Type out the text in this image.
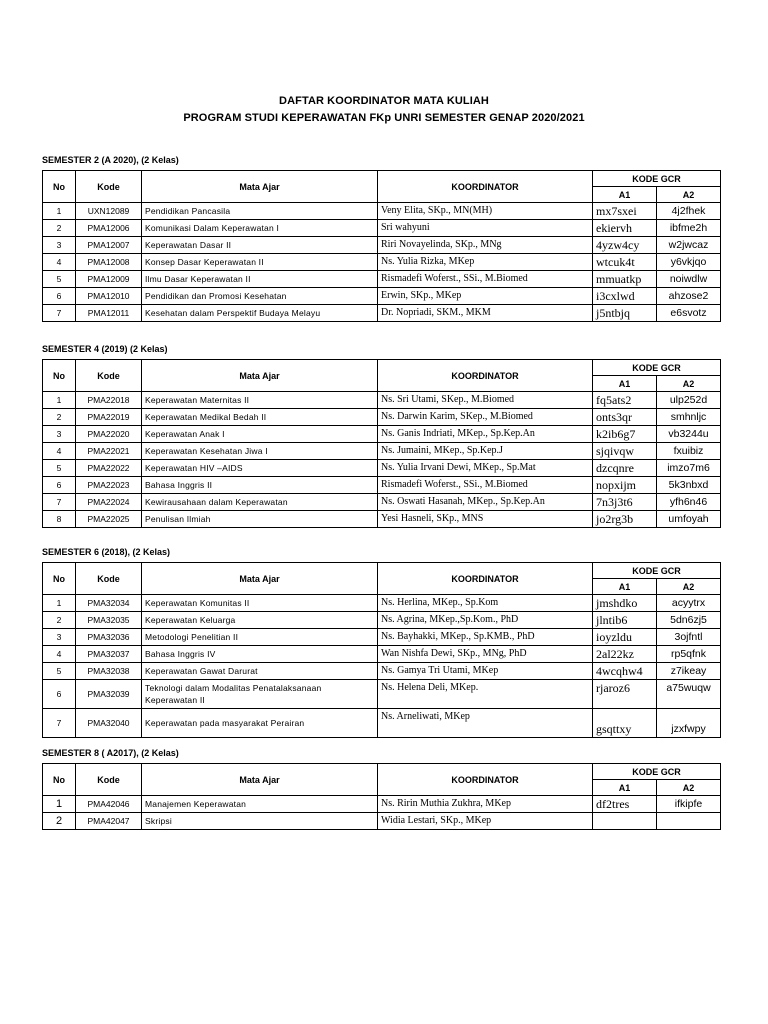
DAFTAR KOORDINATOR MATA KULIAH
PROGRAM STUDI KEPERAWATAN FKp UNRI SEMESTER GENAP 2020/2021
SEMESTER 2 (A 2020), (2 Kelas)
No	Kode	Mata Ajar	KOORDINATOR	KODE GCR	
				A1	A2
1	UXN12089	Pendidikan Pancasila	Veny Elita, SKp., MN(MH)	mx7sxei	4j2fhek
2	PMA12006	Komunikasi Dalam Keperawatan I	Sri wahyuni	ekiervh	ibfme2h
3	PMA12007	Keperawatan Dasar II	Riri Novayelinda, SKp., MNg	4yzw4cy	w2jwcaz
4	PMA12008	Konsep Dasar Keperawatan II	Ns. Yulia Rizka, MKep	wtcuk4t	y6vkjqo
5	PMA12009	Ilmu Dasar Keperawatan II	Rismadefi Woferst., SSi., M.Biomed	mmuatkp	noiwdlw
6	PMA12010	Pendidikan dan Promosi Kesehatan	Erwin, SKp., MKep	i3cxlwd	ahzose2
7	PMA12011	Kesehatan dalam Perspektif Budaya Melayu	Dr. Nopriadi, SKM., MKM	j5ntbjq	e6svotz
SEMESTER 4 (2019) (2 Kelas)
No	Kode	Mata Ajar	KOORDINATOR	KODE GCR	
				A1	A2
1	PMA22018	Keperawatan Maternitas II	Ns. Sri Utami, SKep., M.Biomed	fq5ats2	ulp252d
2	PMA22019	Keperawatan Medikal Bedah II	Ns. Darwin Karim, SKep., M.Biomed	onts3qr	smhnljc
3	PMA22020	Keperawatan Anak I	Ns. Ganis Indriati, MKep., Sp.Kep.An	k2ib6g7	vb3244u
4	PMA22021	Keperawatan Kesehatan Jiwa I	Ns. Jumaini, MKep., Sp.Kep.J	sjqivqw	fxuibiz
5	PMA22022	Keperawatan HIV –AIDS	Ns. Yulia Irvani Dewi, MKep., Sp.Mat	dzcqnre	imzo7m6
6	PMA22023	Bahasa Inggris II	Rismadefi Woferst., SSi., M.Biomed	nopxijm	5k3nbxd
7	PMA22024	Kewirausahaan dalam Keperawatan	Ns. Oswati Hasanah, MKep., Sp.Kep.An	7n3j3t6	yfh6n46
8	PMA22025	Penulisan Ilmiah	Yesi Hasneli, SKp., MNS	jo2rg3b	umfoyah
SEMESTER 6 (2018), (2 Kelas)
No	Kode	Mata Ajar	KOORDINATOR	KODE GCR	
				A1	A2
1	PMA32034	Keperawatan Komunitas II	Ns. Herlina, MKep., Sp.Kom	jmshdko	acyytrx
2	PMA32035	Keperawatan Keluarga	Ns. Agrina, MKep.,Sp.Kom., PhD	jlntib6	5dn6zj5
3	PMA32036	Metodologi Penelitian II	Ns. Bayhakki, MKep., Sp.KMB., PhD	ioyzldu	3ojfntl
4	PMA32037	Bahasa Inggris IV	Wan Nishfa Dewi, SKp., MNg, PhD	2al22kz	rp5qfnk
5	PMA32038	Keperawatan Gawat Darurat	Ns. Gamya Tri Utami, MKep	4wcqhw4	z7ikeay
6	PMA32039	Teknologi dalam Modalitas Penatalaksanaan Keperawatan II	Ns. Helena Deli, MKep.	rjaroz6	a75wuqw
7	PMA32040	Keperawatan pada masyarakat Perairan	Ns. Arneliwati, MKep	gsqttxy	jzxfwpy
SEMESTER 8 ( A2017), (2 Kelas)
No	Kode	Mata Ajar	KOORDINATOR	KODE GCR	
				A1	A2
1	PMA42046	Manajemen Keperawatan	Ns. Ririn Muthia Zukhra, MKep	df2tres	ifkipfe
2	PMA42047	Skripsi	Widia Lestari, SKp., MKep		
